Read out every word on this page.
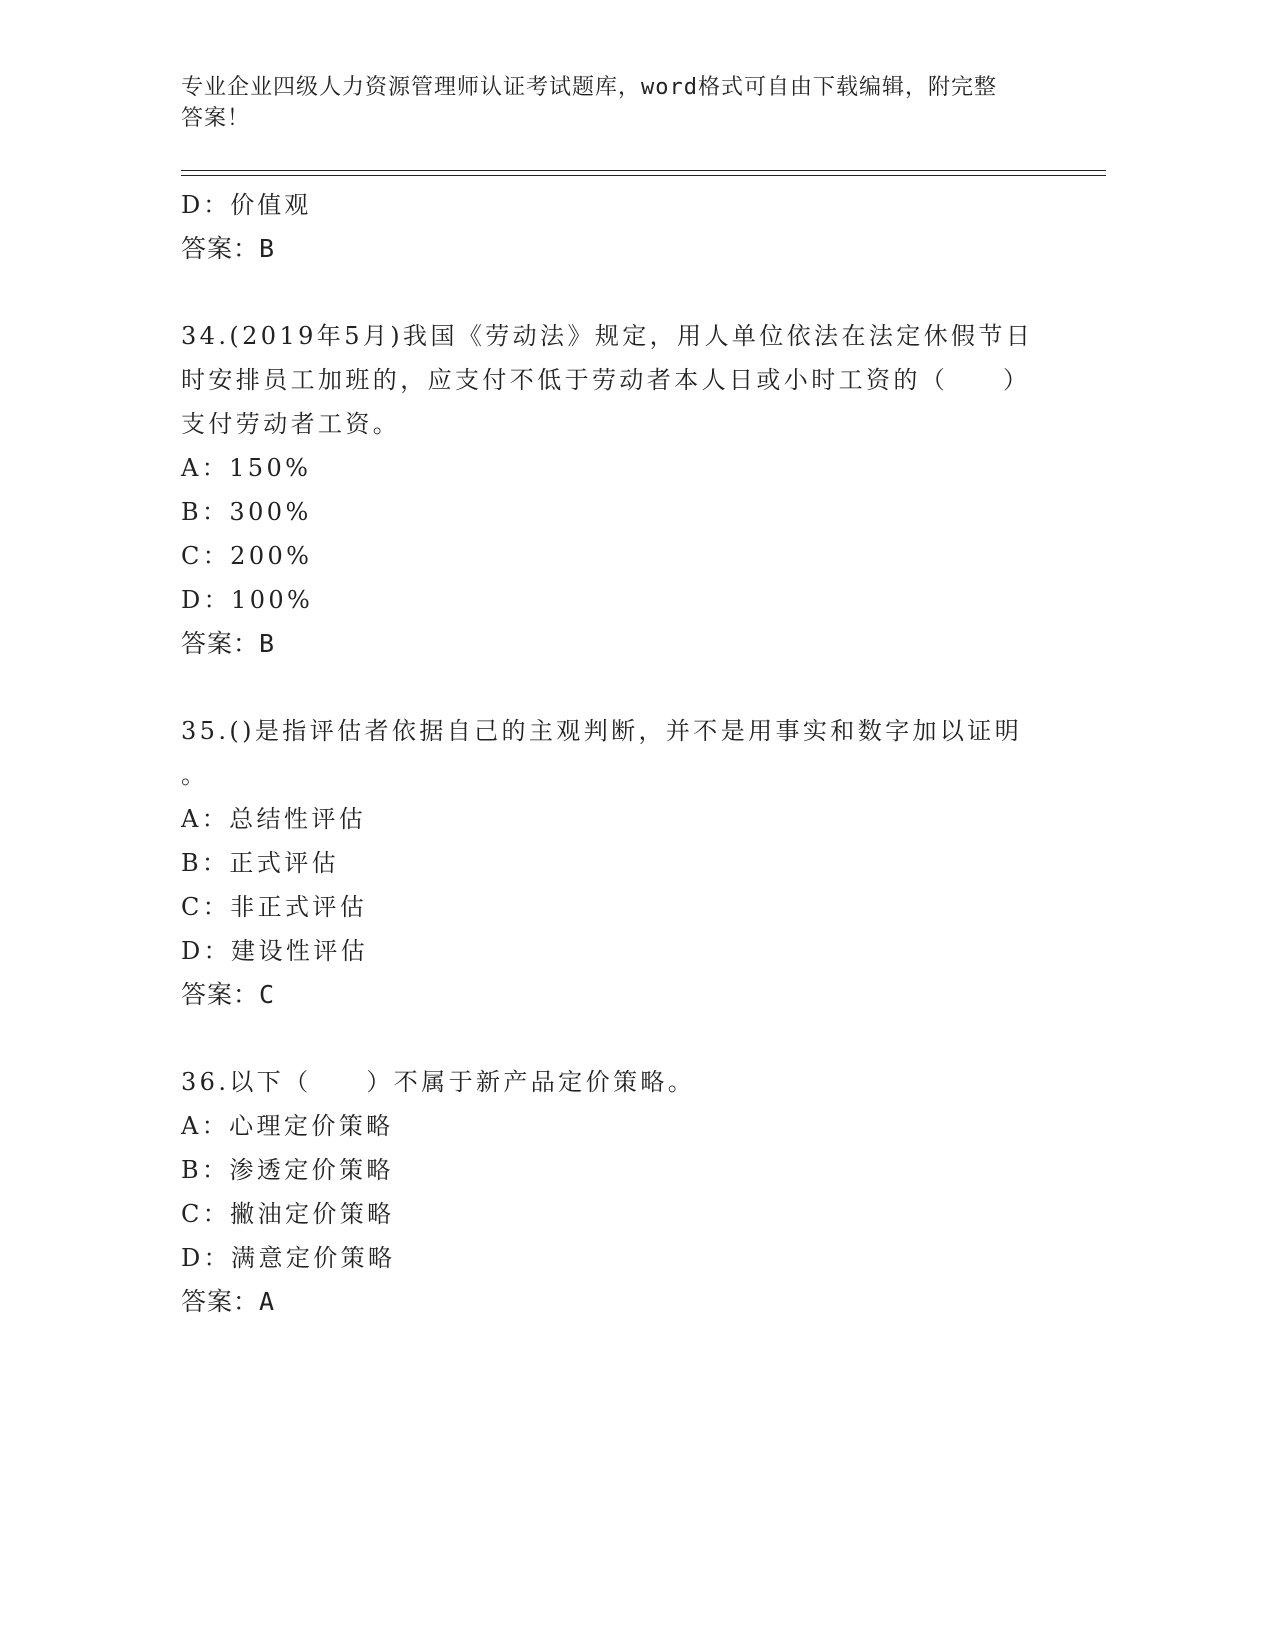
专业企业四级人力资源管理师认证考试题库，word格式可自由下载编辑，附完整
答案！
D：价值观
答案：B
34.(2019年5月)我国《劳动法》规定，用人单位依法在法定休假节日
时安排员工加班的，应支付不低于劳动者本人日或小时工资的（　　）
支付劳动者工资。
A：150%
B：300%
C：200%
D：100%
答案：B
35.()是指评估者依据自己的主观判断，并不是用事实和数字加以证明
。
A：总结性评估
B：正式评估
C：非正式评估
D：建设性评估
答案：C
36.以下（　　）不属于新产品定价策略。
A：心理定价策略
B：渗透定价策略
C：撇油定价策略
D：满意定价策略
答案：A
